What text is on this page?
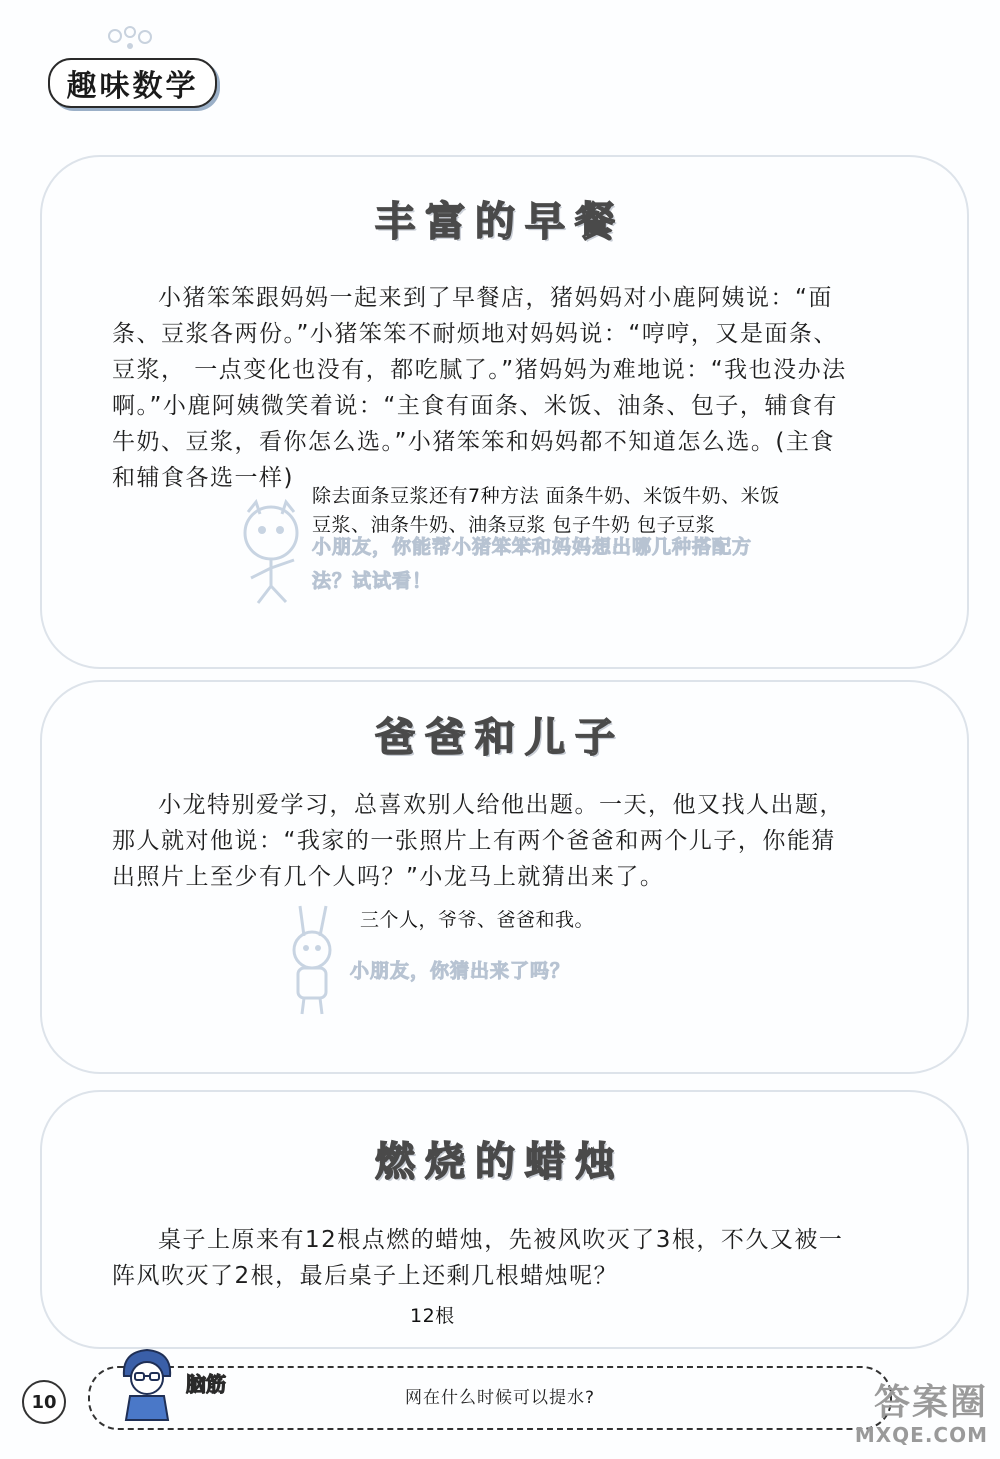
趣味数学
丰富的早餐

小猪笨笨跟妈妈一起来到了早餐店，猪妈妈对小鹿阿姨说：“面条、豆浆各两份。”小猪笨笨不耐烦地对妈妈说：“哼哼，又是面条、豆浆， 一点变化也没有，都吃腻了。”猪妈妈为难地说：“我也没办法啊。”小鹿阿姨微笑着说：“主食有面条、米饭、油条、包子，辅食有牛奶、豆浆，看你怎么选。”小猪笨笨和妈妈都不知道怎么选。(主食和辅食各选一样)

小朋友，你能帮小猪笨笨和妈妈想出哪几种搭配方法？试试看！

除去面条豆浆还有7种方法 面条牛奶、米饭牛奶、米饭豆浆、油条牛奶、油条豆浆 包子牛奶 包子豆浆

爸爸和儿子

小龙特别爱学习，总喜欢别人给他出题。一天，他又找人出题，那人就对他说：“我家的一张照片上有两个爸爸和两个儿子，你能猜出照片上至少有几个人吗？”小龙马上就猜出来了。

三个人，爷爷、爸爸和我。
小朋友，你猜出来了吗？
燃烧的蜡烛

桌子上原来有12根点燃的蜡烛，先被风吹灭了3根，不久又被一阵风吹灭了2根，最后桌子上还剩几根蜡烛呢？

12根
10
脑筋
网在什么时候可以提水?	答案圈
MXQE.COM
